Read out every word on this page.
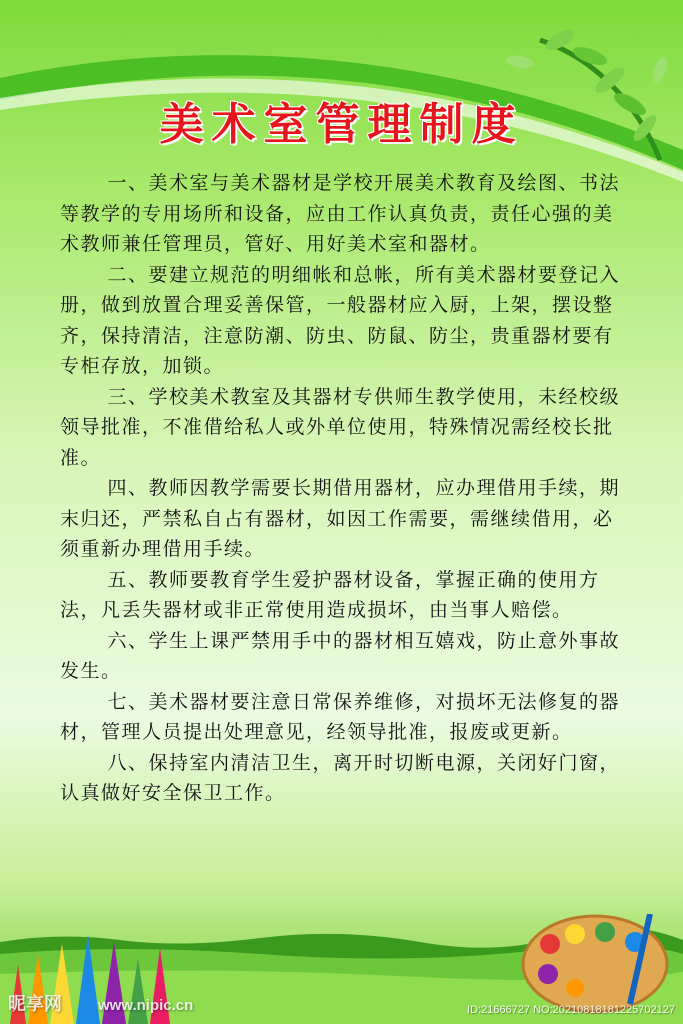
美术室管理制度

一、美术室与美术器材是学校开展美术教育及绘图、书法等教学的专用场所和设备，应由工作认真负责，责任心强的美术教师兼任管理员，管好、用好美术室和器材。

二、要建立规范的明细帐和总帐，所有美术器材要登记入册，做到放置合理妥善保管，一般器材应入厨，上架，摆设整齐，保持清洁，注意防潮、防虫、防鼠、防尘，贵重器材要有专柜存放，加锁。

三、学校美术教室及其器材专供师生教学使用，未经校级领导批准，不准借给私人或外单位使用，特殊情况需经校长批准。

四、教师因教学需要长期借用器材，应办理借用手续，期末归还，严禁私自占有器材，如因工作需要，需继续借用，必须重新办理借用手续。

五、教师要教育学生爱护器材设备，掌握正确的使用方法，凡丢失器材或非正常使用造成损坏，由当事人赔偿。

六、学生上课严禁用手中的器材相互嬉戏，防止意外事故发生。

七、美术器材要注意日常保养维修，对损坏无法修复的器材，管理人员提出处理意见，经领导批准，报废或更新。

八、保持室内清洁卫生，离开时切断电源，关闭好门窗，认真做好安全保卫工作。

昵享网 www.nipic.cn	ID:21666727 NO:20210818181225702127
